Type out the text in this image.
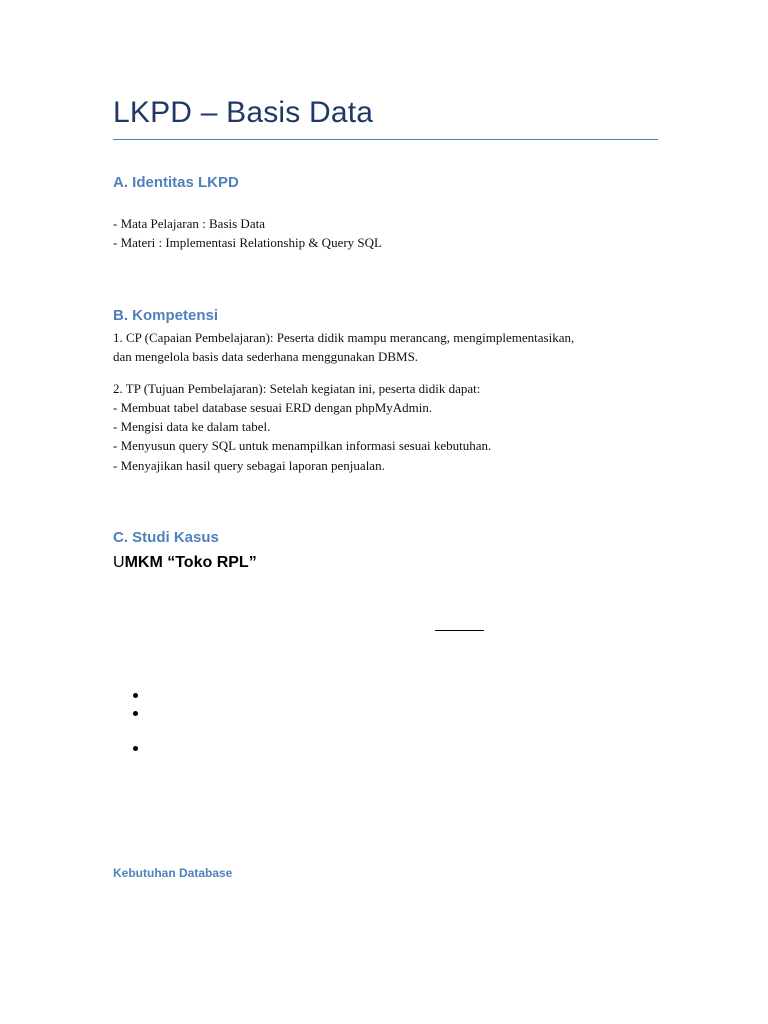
LKPD – Basis Data
A. Identitas LKPD
- Mata Pelajaran : Basis Data
- Materi : Implementasi Relationship & Query SQL
B. Kompetensi
1. CP (Capaian Pembelajaran): Peserta didik mampu merancang, mengimplementasikan,
dan mengelola basis data sederhana menggunakan DBMS.
2. TP (Tujuan Pembelajaran): Setelah kegiatan ini, peserta didik dapat:
- Membuat tabel database sesuai ERD dengan phpMyAdmin.
- Mengisi data ke dalam tabel.
- Menyusun query SQL untuk menampilkan informasi sesuai kebutuhan.
- Menyajikan hasil query sebagai laporan penjualan.
C. Studi Kasus
UMKM “Toko RPL”
Kebutuhan Database
